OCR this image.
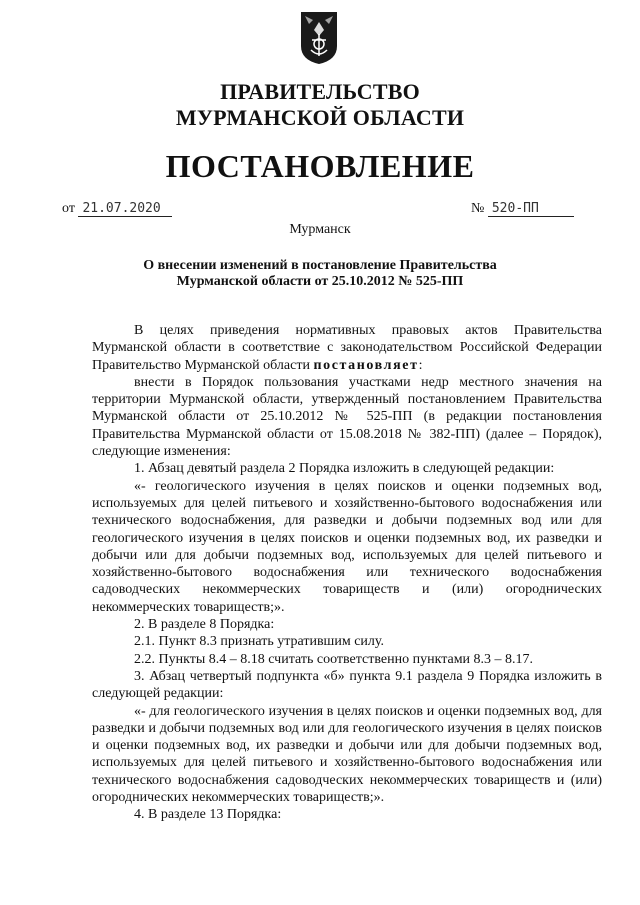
ПРАВИТЕЛЬСТВО
МУРМАНСКОЙ ОБЛАСТИ
ПОСТАНОВЛЕНИЕ
от 21.07.2020	№ 520-ПП
Мурманск
О внесении изменений в постановление Правительства
Мурманской области от 25.10.2012 № 525-ПП

В целях приведения нормативных правовых актов Правительства Мурманской области в соответствие с законодательством Российской Федерации Правительство Мурманской области постановляет:

внести в Порядок пользования участками недр местного значения на территории Мурманской области, утвержденный постановлением Правительства Мурманской области от 25.10.2012 № 525-ПП (в редакции постановления Правительства Мурманской области от 15.08.2018 № 382-ПП) (далее – Порядок), следующие изменения:

1. Абзац девятый раздела 2 Порядка изложить в следующей редакции:

«- геологического изучения в целях поисков и оценки подземных вод, используемых для целей питьевого и хозяйственно-бытового водоснабжения или технического водоснабжения, для разведки и добычи подземных вод или для геологического изучения в целях поисков и оценки подземных вод, их разведки и добычи или для добычи подземных вод, используемых для целей питьевого и хозяйственно-бытового водоснабжения или технического водоснабжения садоводческих некоммерческих товариществ и (или) огороднических некоммерческих товариществ;».

2. В разделе 8 Порядка:

2.1. Пункт 8.3 признать утратившим силу.

2.2. Пункты 8.4 – 8.18 считать соответственно пунктами 8.3 – 8.17.

3. Абзац четвертый подпункта «б» пункта 9.1 раздела 9 Порядка изложить в следующей редакции:

«- для геологического изучения в целях поисков и оценки подземных вод, для разведки и добычи подземных вод или для геологического изучения в целях поисков и оценки подземных вод, их разведки и добычи или для добычи подземных вод, используемых для целей питьевого и хозяйственно-бытового водоснабжения или технического водоснабжения садоводческих некоммерческих товариществ и (или) огороднических некоммерческих товариществ;».

4. В разделе 13 Порядка:
